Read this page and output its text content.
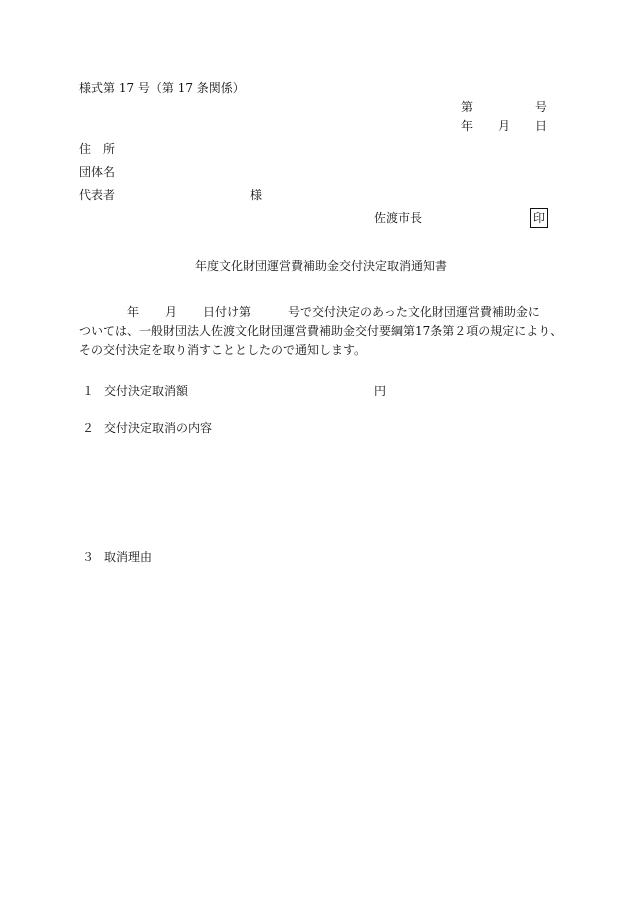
様式第 17 号（第 17 条関係）
第	号
年 月 日
住　所
団体名
代表者	様
佐渡市長	印
年度文化財団運営費補助金交付決定取消通知書
年 月 日付け第	号で交付決定のあった文化財団運営費補助金に
ついては、一般財団法人佐渡文化財団運営費補助金交付要綱第17条第２項の規定により、
その交付決定を取り消すこととしたので通知します。
１ 交付決定取消額	円
２ 交付決定取消の内容
３ 取消理由
